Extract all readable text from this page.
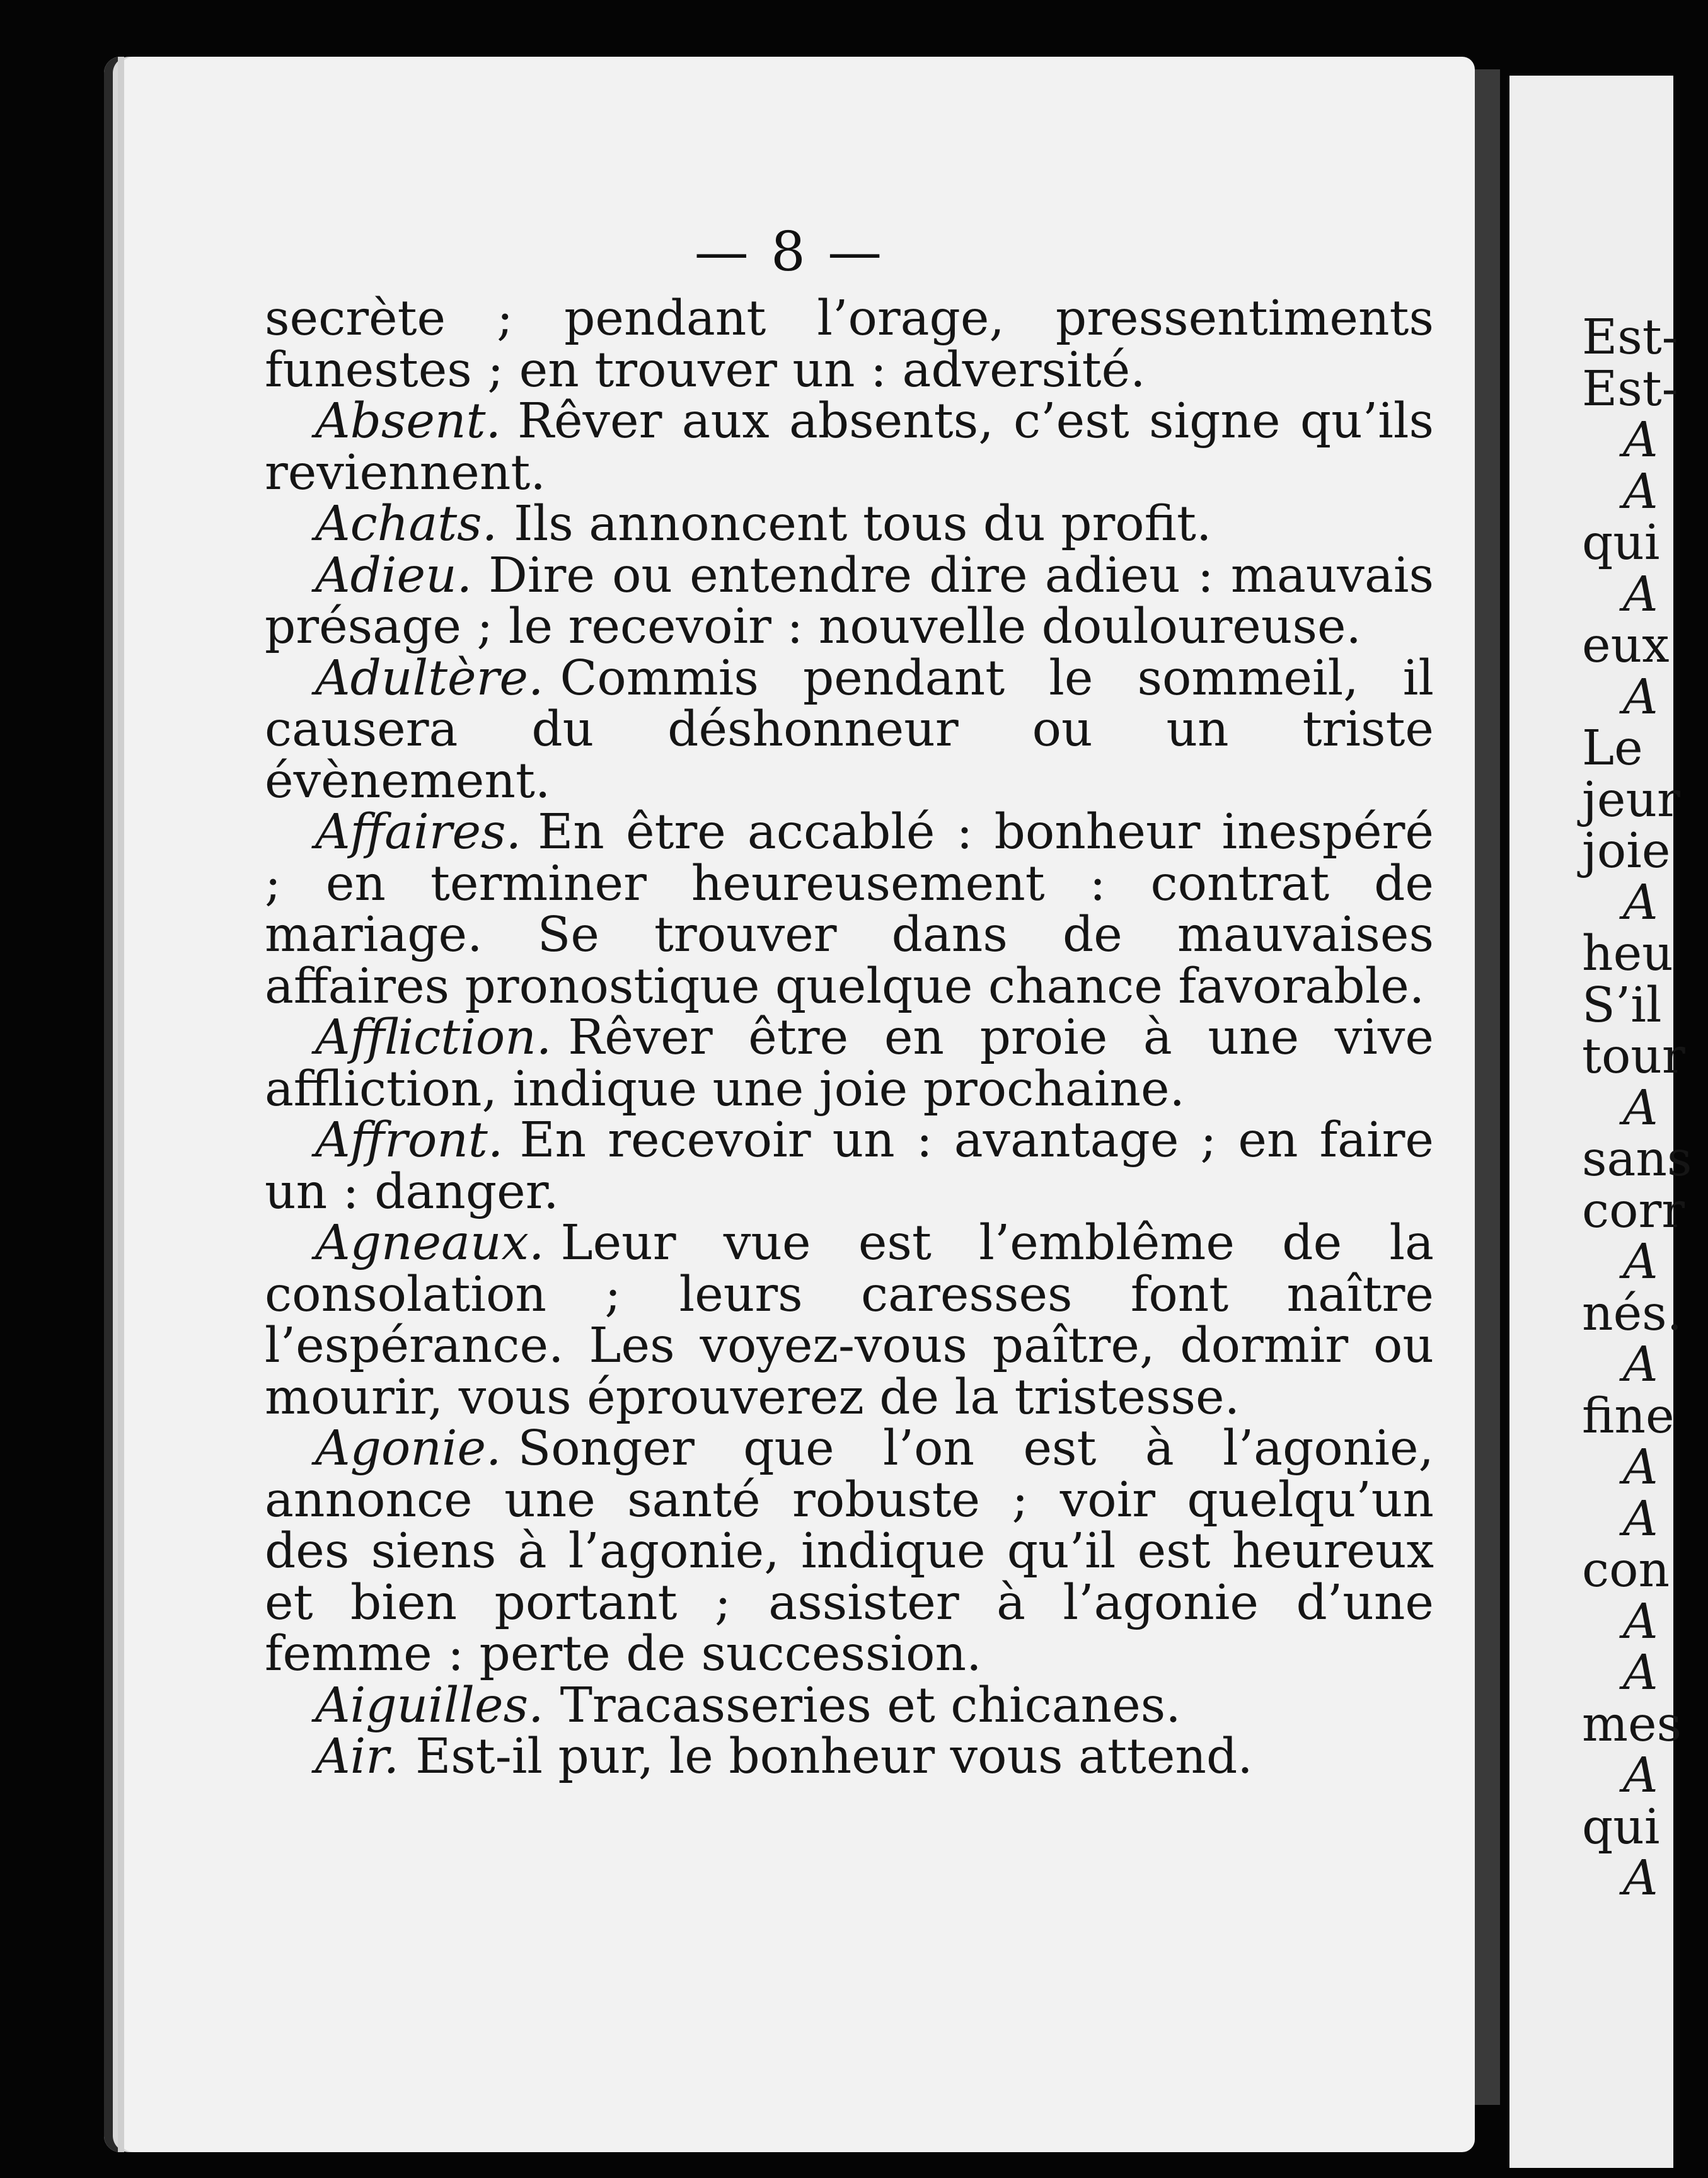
— 8 —

secrète ; pendant l’orage, pressentiments funestes ; en trouver un : adversité.

Absent. Rêver aux absents, c’est signe qu’ils reviennent.

Achats. Ils annoncent tous du profit.

Adieu. Dire ou entendre dire adieu : mauvais présage ; le recevoir : nouvelle douloureuse.

Adultère. Commis pendant le sommeil, il causera du déshonneur ou un triste évènement.

Affaires. En être accablé : bonheur inespéré ; en terminer heureusement : contrat de mariage. Se trouver dans de mauvaises affaires pronostique quelque chance favorable.

Affliction. Rêver être en proie à une vive affliction, indique une joie prochaine.

Affront. En recevoir un : avantage ; en faire un : danger.

Agneaux. Leur vue est l’emblême de la consolation ; leurs caresses font naître l’espérance. Les voyez-vous paître, dormir ou mourir, vous éprouverez de la tristesse.

Agonie. Songer que l’on est à l’agonie, annonce une santé robuste ; voir quelqu’un des siens à l’agonie, indique qu’il est heureux et bien portant ; assister à l’agonie d’une femme : perte de succession.

Aiguilles. Tracasseries et chicanes.

Air. Est-il pur, le bonheur vous attend.

Est-
Est-
A
A
qui
A
eux
A
Le
jeur
joie
A
heu
S’il
tour
A
sans
corr
A
nés.
A
fine
A
A
con
A
A
mes
A
qui
A
